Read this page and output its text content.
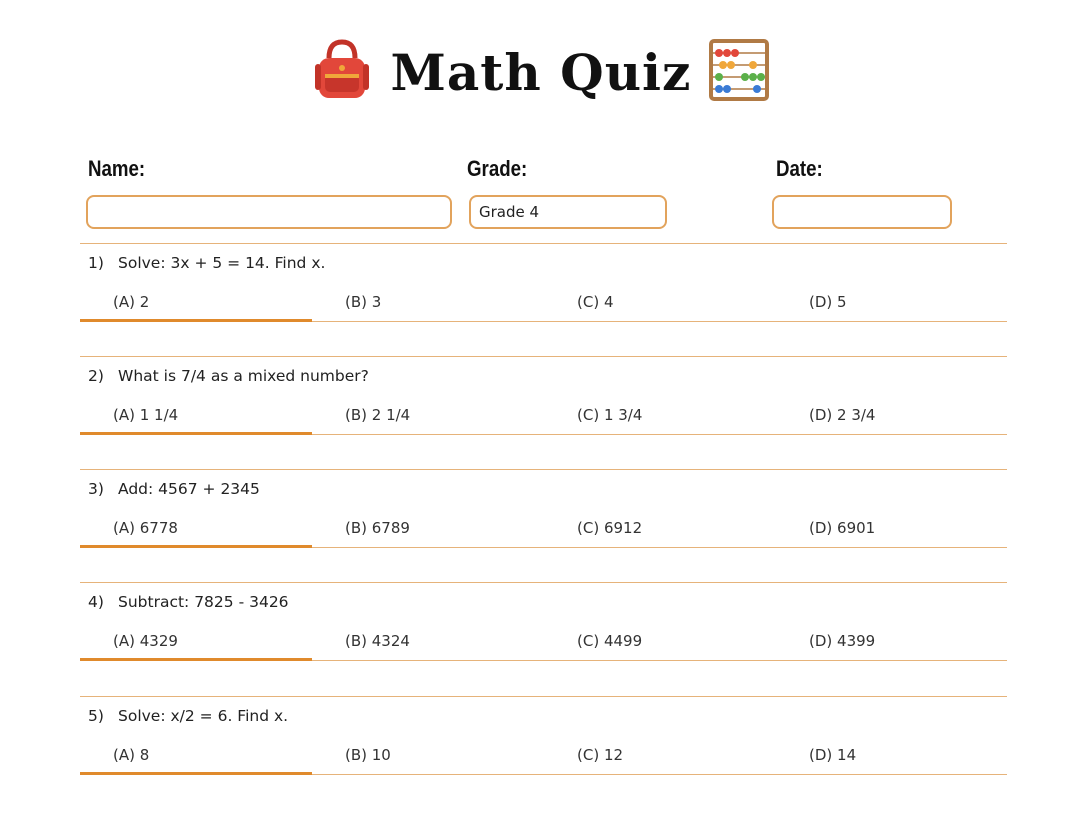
Math Quiz
Name:	Grade:	Date:
Grade 4
1) Solve: 3x + 5 = 14. Find x.
(A) 2	(B) 3	(C) 4	(D) 5
2) What is 7/4 as a mixed number?
(A) 1 1/4	(B) 2 1/4	(C) 1 3/4	(D) 2 3/4
3) Add: 4567 + 2345
(A) 6778	(B) 6789	(C) 6912	(D) 6901
4) Subtract: 7825 - 3426
(A) 4329	(B) 4324	(C) 4499	(D) 4399
5) Solve: x/2 = 6. Find x.
(A) 8	(B) 10	(C) 12	(D) 14
